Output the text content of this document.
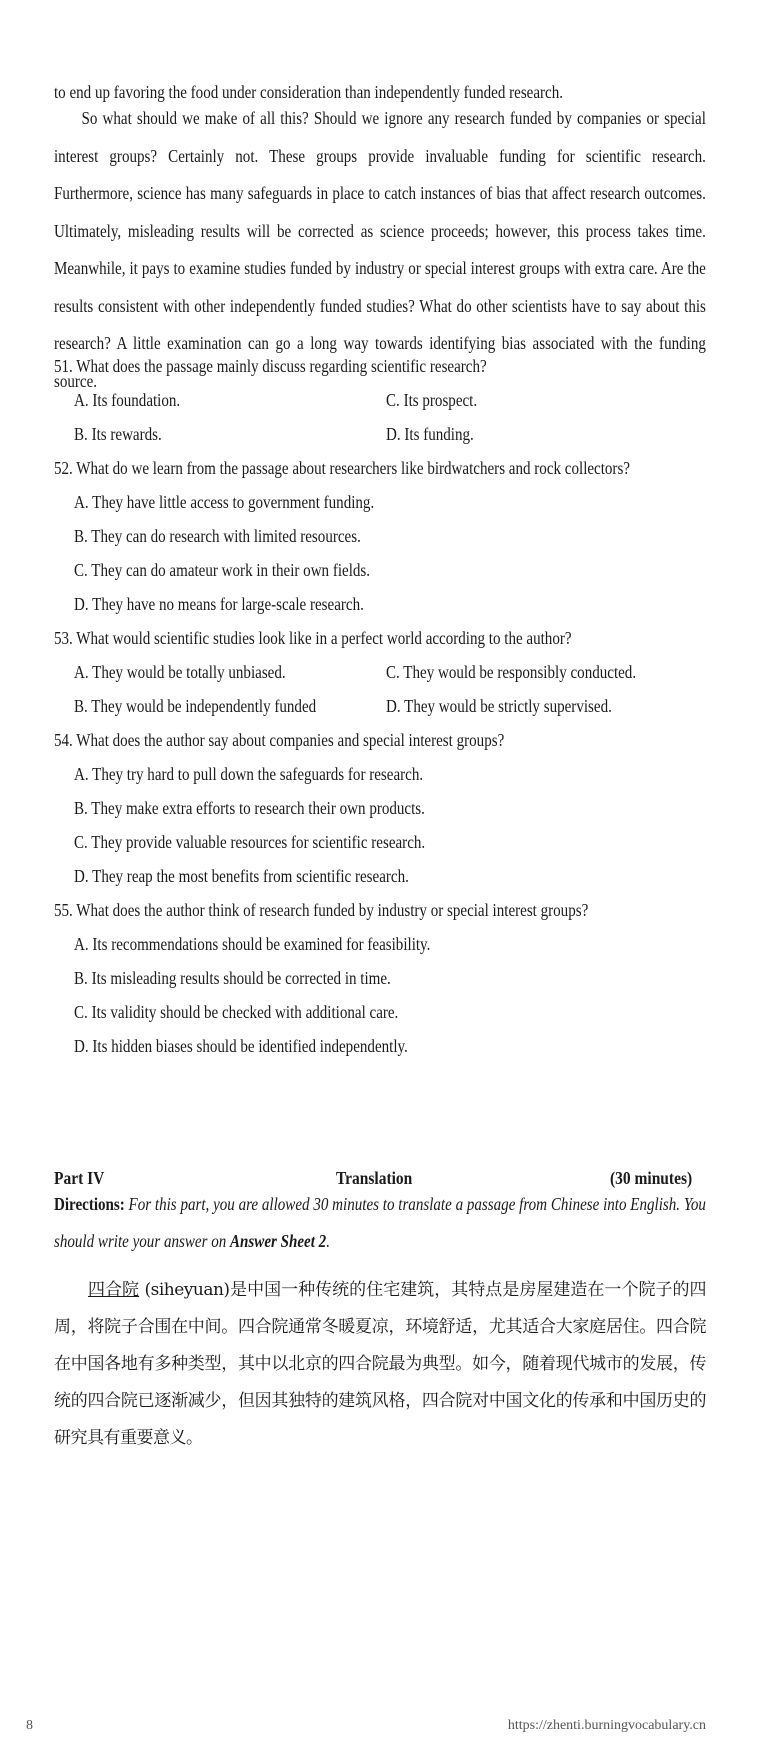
to end up favoring the food under consideration than independently funded research.

So what should we make of all this? Should we ignore any research funded by companies or special interest groups? Certainly not. These groups provide invaluable funding for scientific research. Furthermore, science has many safeguards in place to catch instances of bias that affect research outcomes. Ultimately, misleading results will be corrected as science proceeds; however, this process takes time. Meanwhile, it pays to examine studies funded by industry or special interest groups with extra care. Are the results consistent with other independently funded studies? What do other scientists have to say about this research? A little examination can go a long way towards identifying bias associated with the funding source.

51. What does the passage mainly discuss regarding scientific research?
A. Its foundation.	C. Its prospect.
B. Its rewards.	D. Its funding.
52. What do we learn from the passage about researchers like birdwatchers and rock collectors?
A. They have little access to government funding.
B. They can do research with limited resources.
C. They can do amateur work in their own fields.
D. They have no means for large-scale research.
53. What would scientific studies look like in a perfect world according to the author?
A. They would be totally unbiased.	C. They would be responsibly conducted.
B. They would be independently funded	D. They would be strictly supervised.
54. What does the author say about companies and special interest groups?
A. They try hard to pull down the safeguards for research.
B. They make extra efforts to research their own products.
C. They provide valuable resources for scientific research.
D. They reap the most benefits from scientific research.
55. What does the author think of research funded by industry or special interest groups?
A. Its recommendations should be examined for feasibility.
B. Its misleading results should be corrected in time.
C. Its validity should be checked with additional care.
D. Its hidden biases should be identified independently.
Part IV	Translation	(30 minutes)

Directions: For this part, you are allowed 30 minutes to translate a passage from Chinese into English. You should write your answer on Answer Sheet 2.

四合院 (siheyuan)是中国一种传统的住宅建筑，其特点是房屋建造在一个院子的四周，将院子合围在中间。四合院通常冬暖夏凉，环境舒适，尤其适合大家庭居住。四合院在中国各地有多种类型，其中以北京的四合院最为典型。如今，随着现代城市的发展，传统的四合院已逐渐减少，但因其独特的建筑风格，四合院对中国文化的传承和中国历史的研究具有重要意义。

8	https://zhenti.burningvocabulary.cn
